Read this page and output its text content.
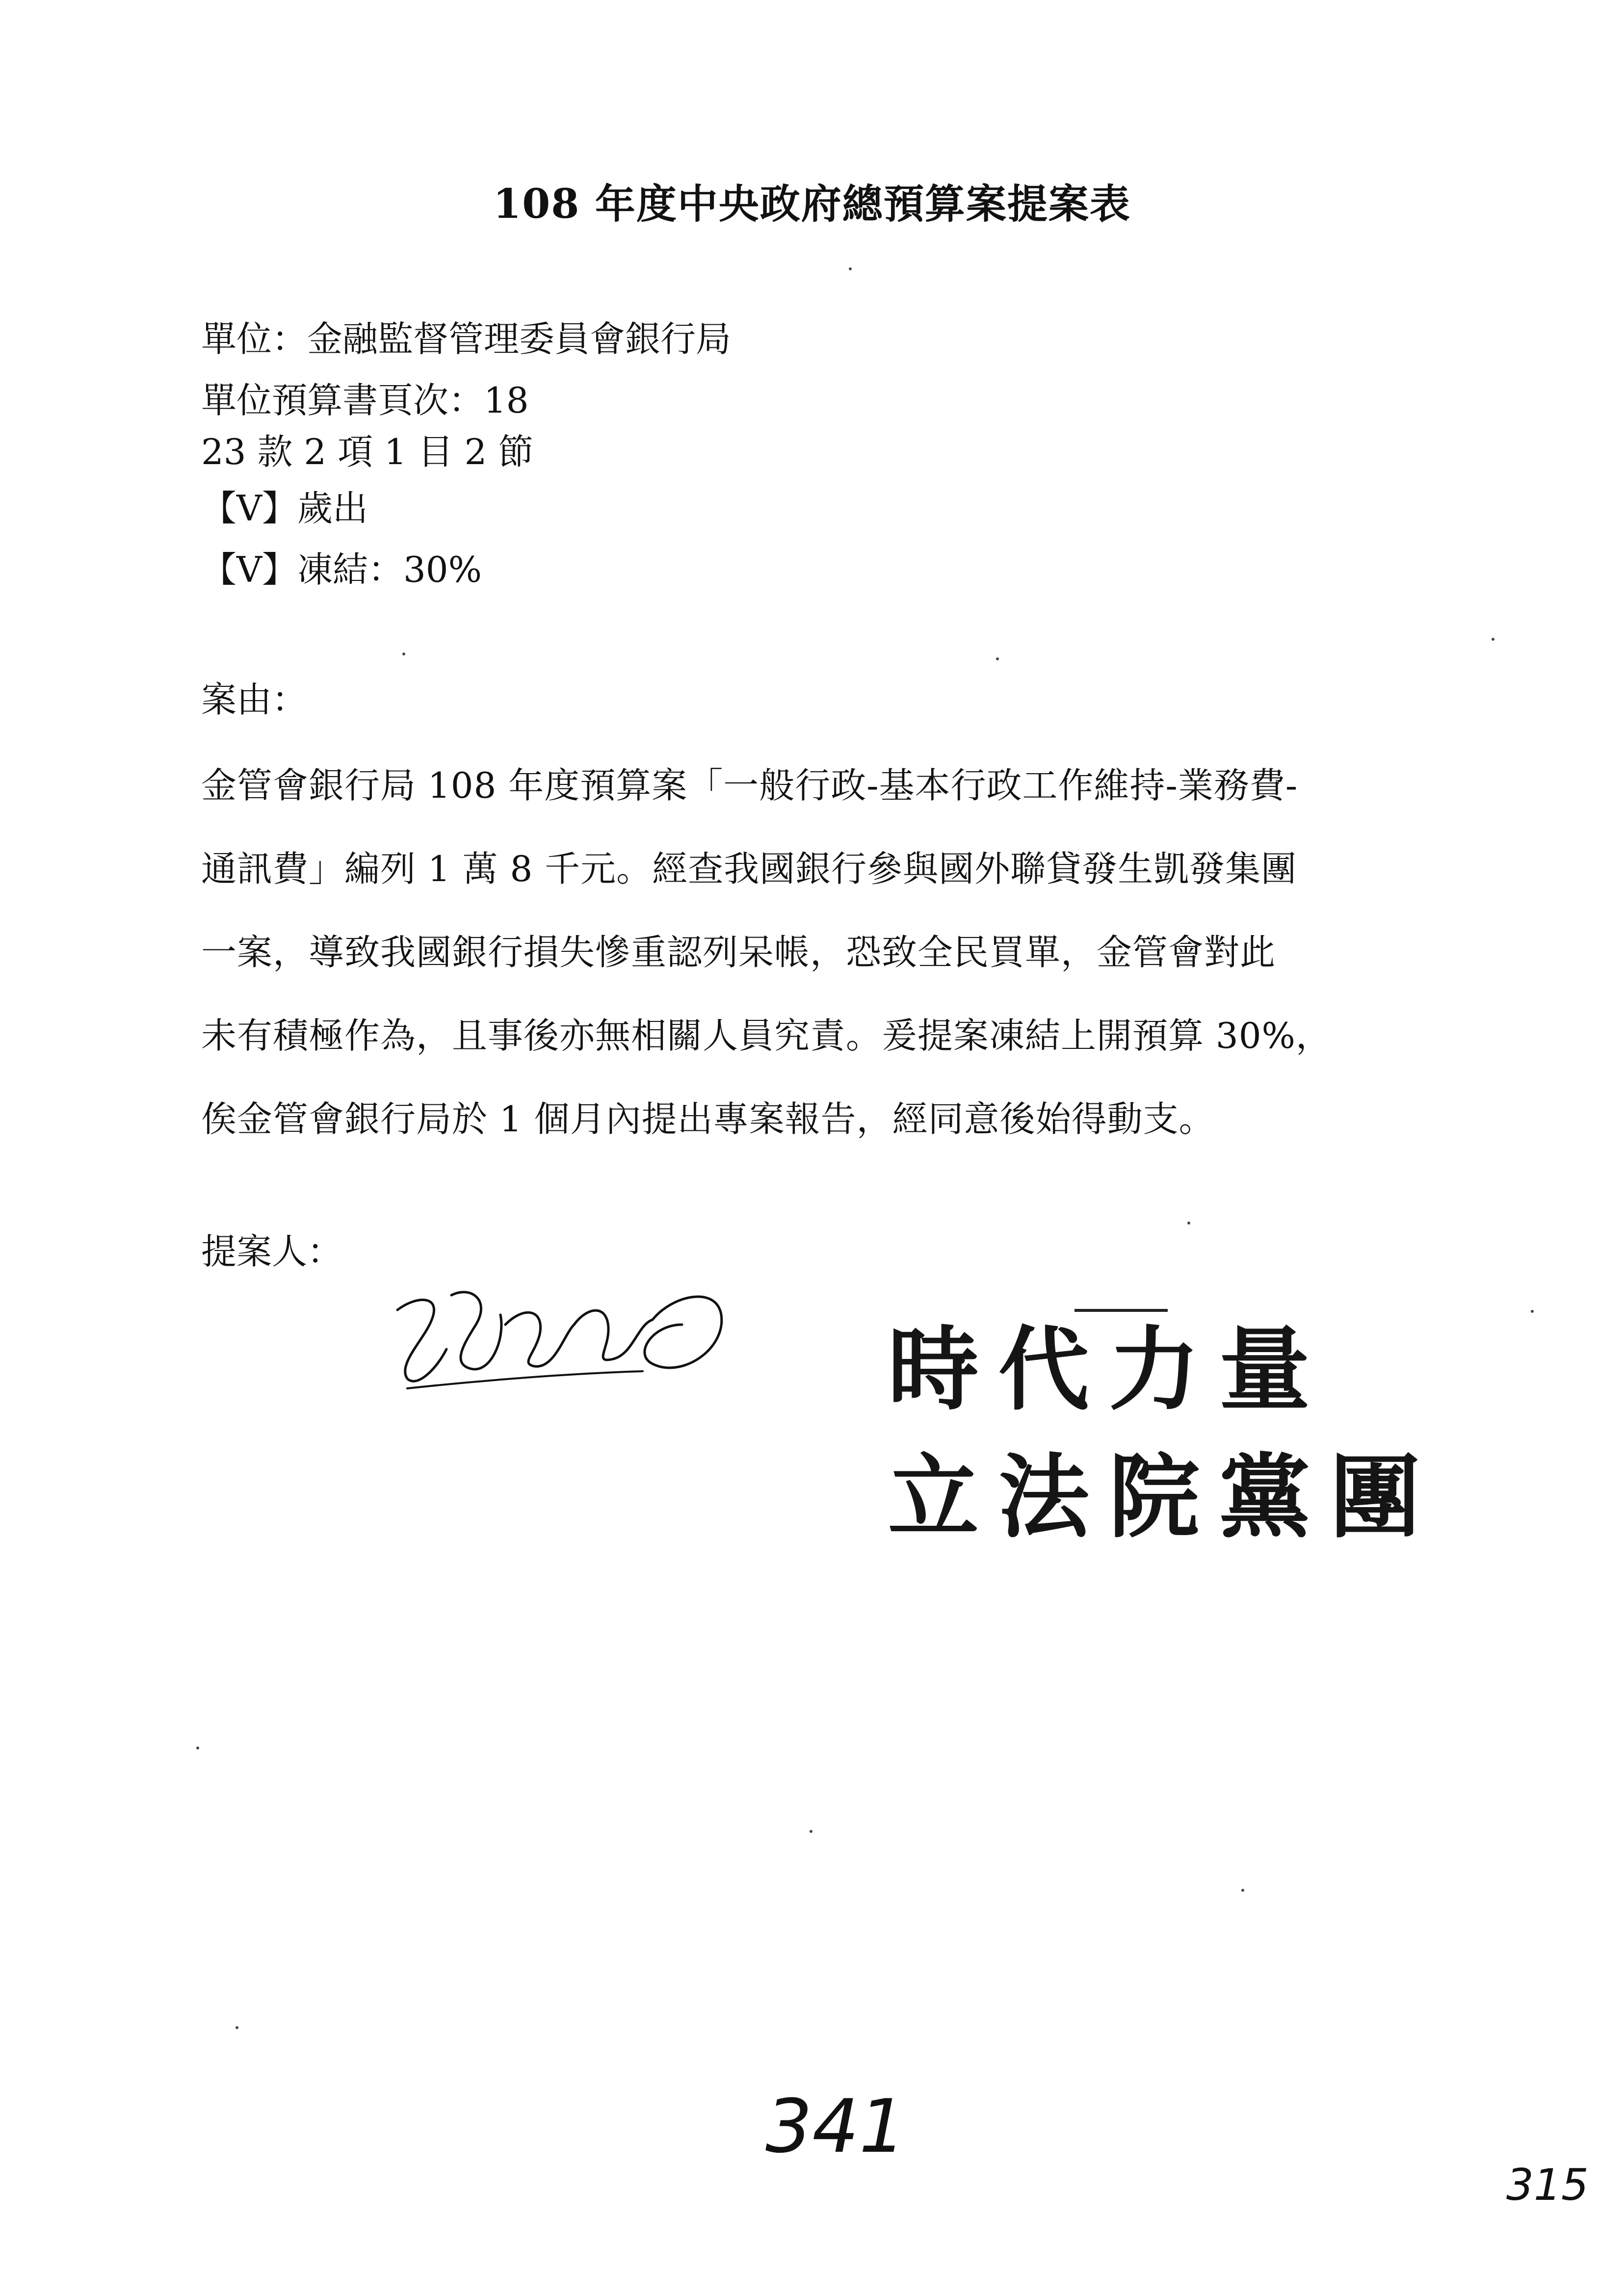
108 年度中央政府總預算案提案表
單位：金融監督管理委員會銀行局
單位預算書頁次：18
23 款 2 項 1 目 2 節
【V】歲出
【V】凍結：30%
案由：
金管會銀行局 108 年度預算案「一般行政-基本行政工作維持-業務費-
通訊費」編列 1 萬 8 千元。經查我國銀行參與國外聯貸發生凱發集團
一案，導致我國銀行損失慘重認列呆帳，恐致全民買單，金管會對此
未有積極作為，且事後亦無相關人員究責。爰提案凍結上開預算 30%，
俟金管會銀行局於 1 個月內提出專案報告，經同意後始得動支。
提案人：
時代力量
立法院黨團
341
315
